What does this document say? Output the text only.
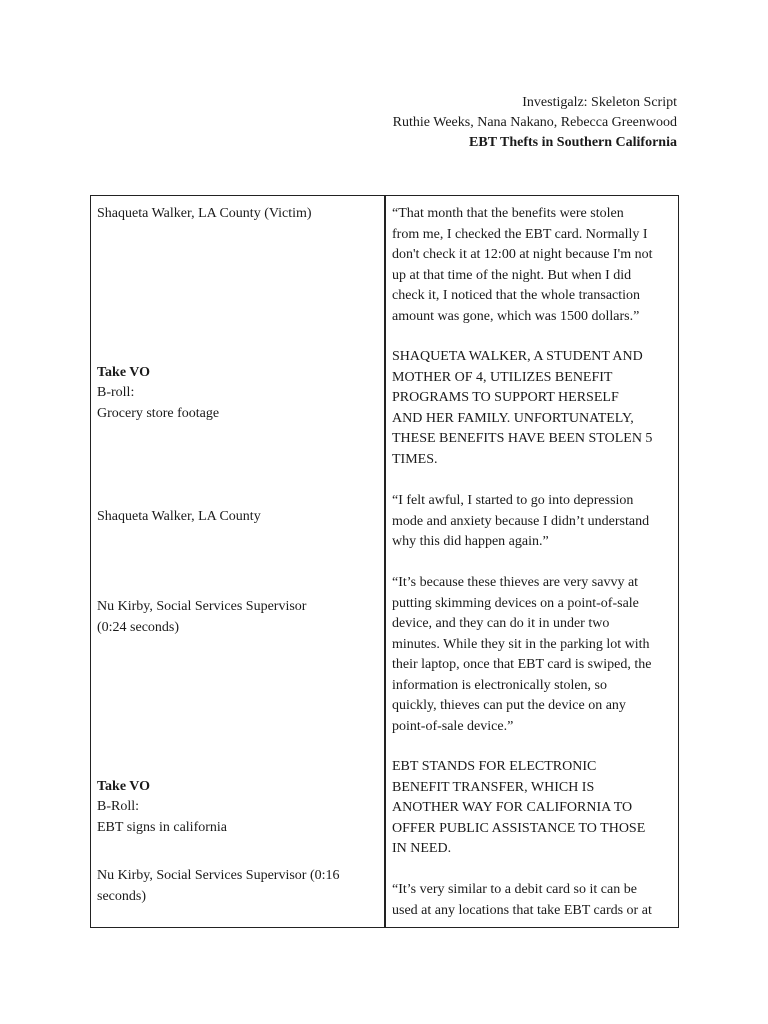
Investigalz: Skeleton Script
Ruthie Weeks, Nana Nakano, Rebecca Greenwood
EBT Thefts in Southern California

Shaqueta Walker, LA County (Victim)

Take VO

B-roll:
Grocery store footage

Shaqueta Walker, LA County

Nu Kirby, Social Services Supervisor
(0:24 seconds)

Take VO

B-Roll:
EBT signs in california

Nu Kirby, Social Services Supervisor (0:16
seconds)

“That month that the benefits were stolen
from me, I checked the EBT card. Normally I
don't check it at 12:00 at night because I'm not
up at that time of the night. But when I did
check it, I noticed that the whole transaction
amount was gone, which was 1500 dollars.”

SHAQUETA WALKER, A STUDENT AND
MOTHER OF 4, UTILIZES BENEFIT
PROGRAMS TO SUPPORT HERSELF
AND HER FAMILY. UNFORTUNATELY,
THESE BENEFITS HAVE BEEN STOLEN 5
TIMES.

“I felt awful, I started to go into depression
mode and anxiety because I didn’t understand
why this did happen again.”

“It’s because these thieves are very savvy at
putting skimming devices on a point-of-sale
device, and they can do it in under two
minutes. While they sit in the parking lot with
their laptop, once that EBT card is swiped, the
information is electronically stolen, so
quickly, thieves can put the device on any
point-of-sale device.”

EBT STANDS FOR ELECTRONIC
BENEFIT TRANSFER, WHICH IS
ANOTHER WAY FOR CALIFORNIA TO
OFFER PUBLIC ASSISTANCE TO THOSE
IN NEED.

“It’s very similar to a debit card so it can be
used at any locations that take EBT cards or at
